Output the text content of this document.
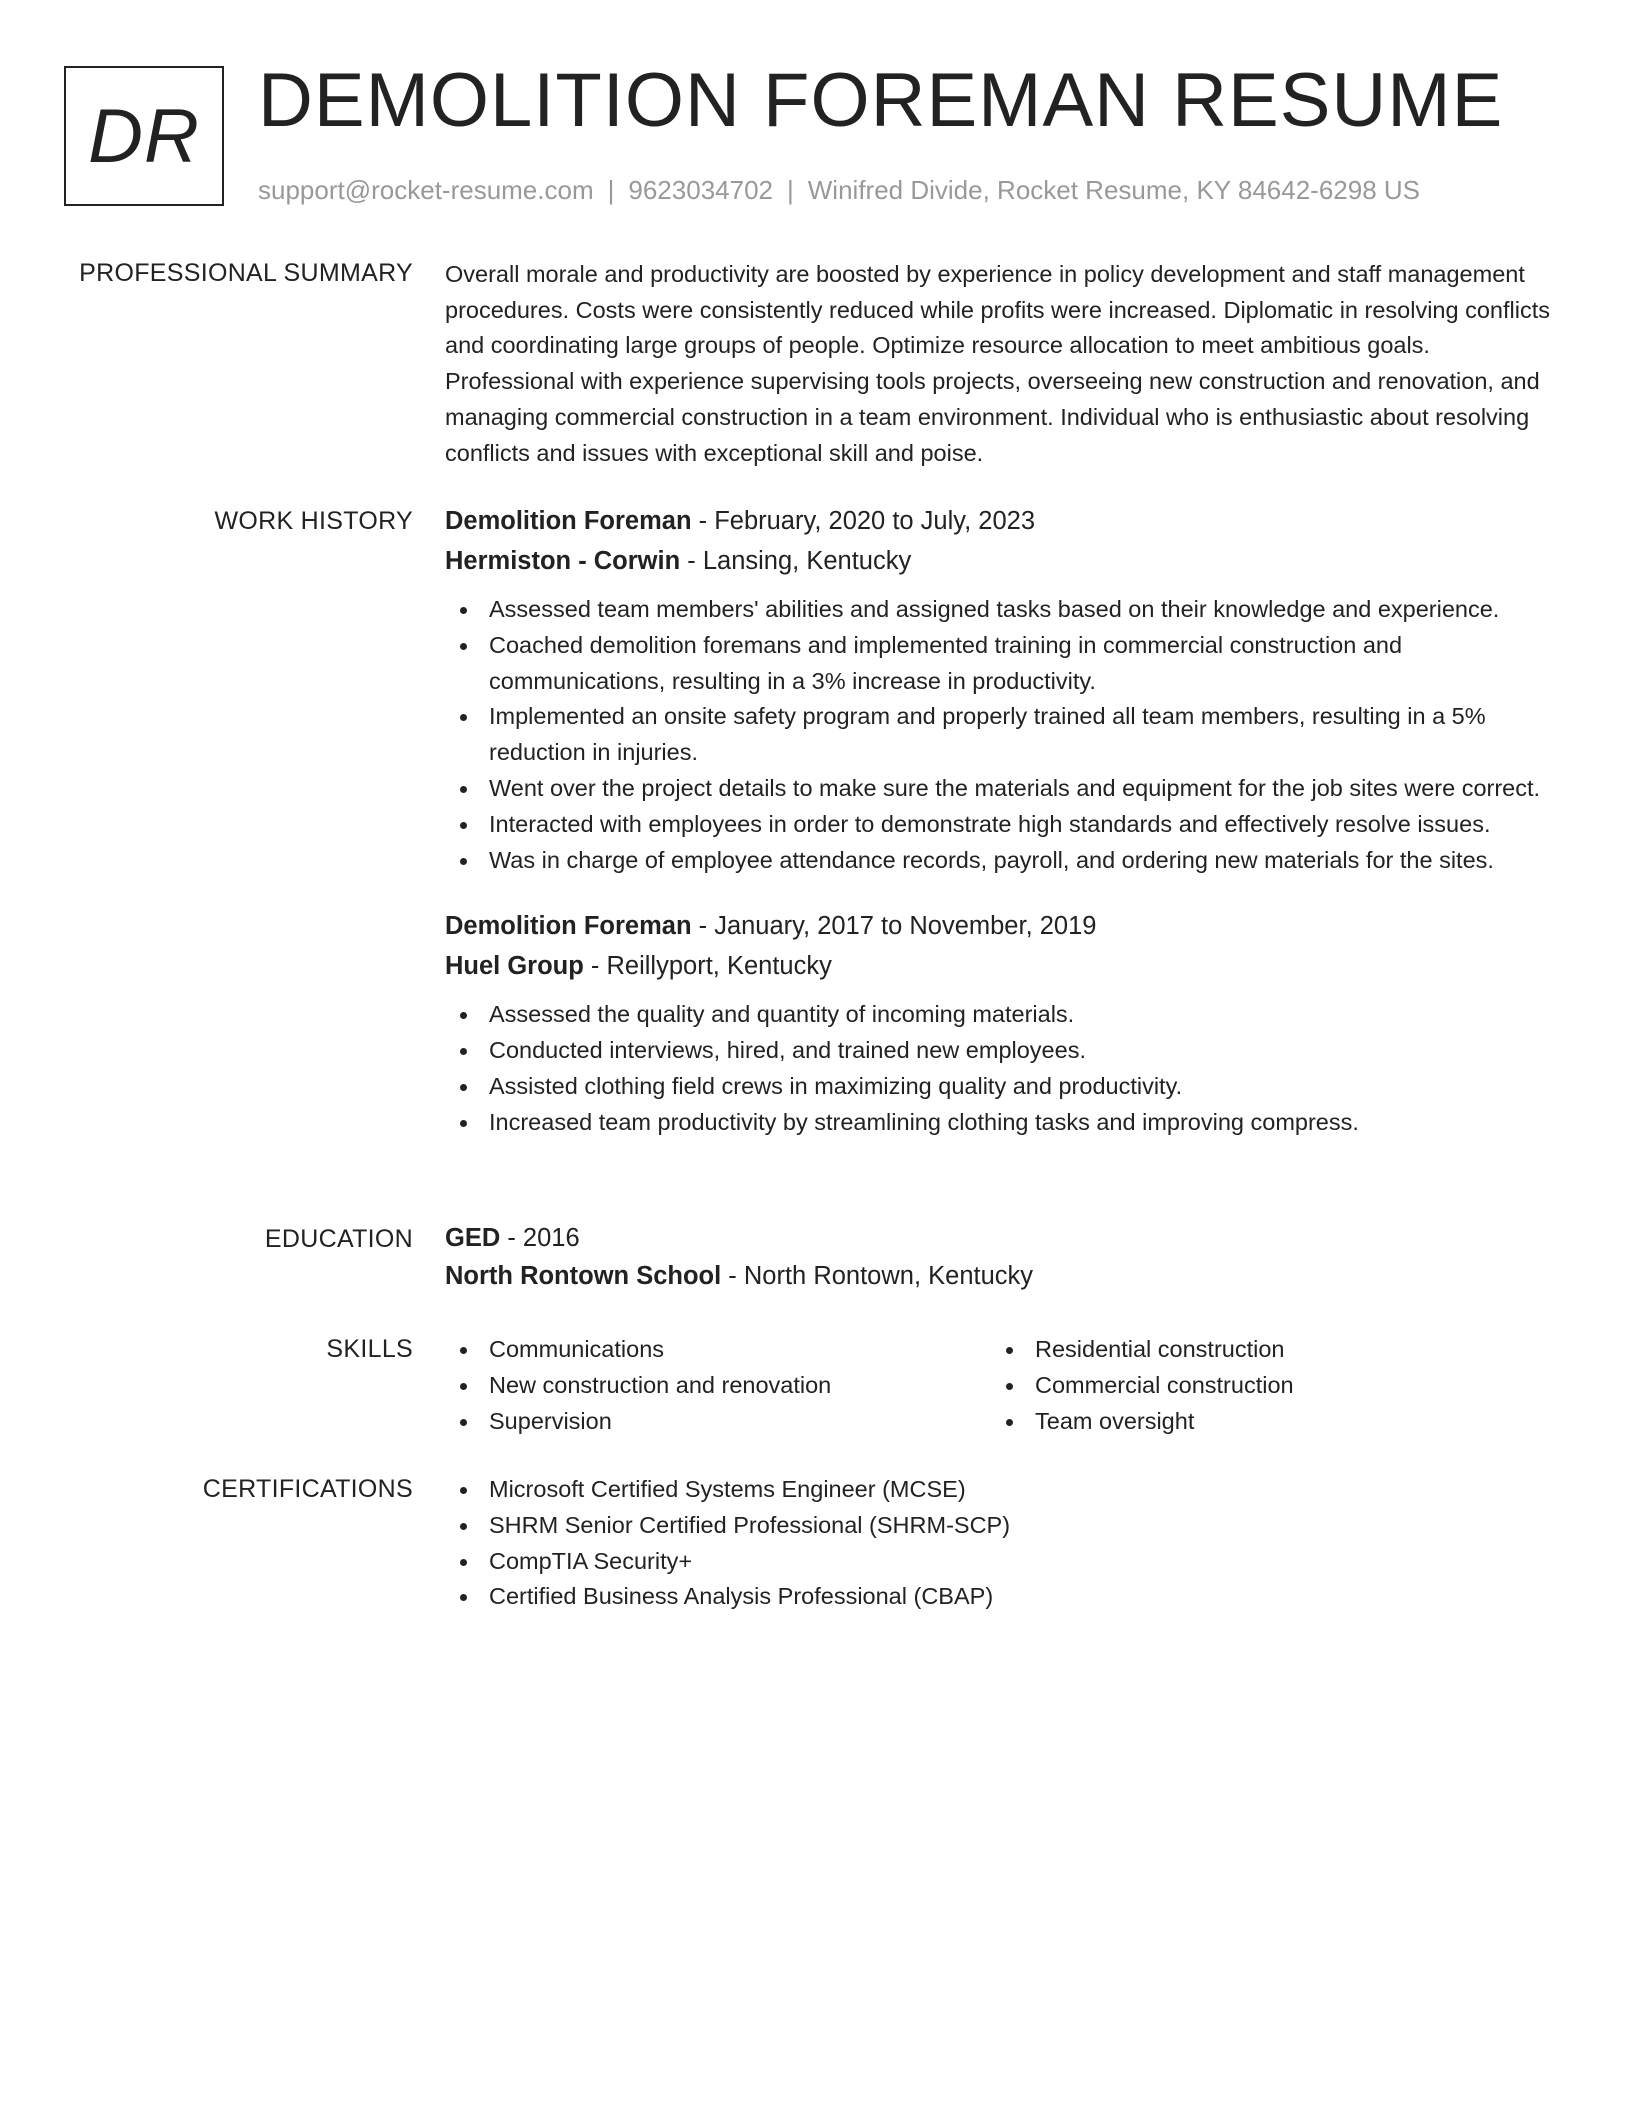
DR DEMOLITION FOREMAN RESUME
support@rocket-resume.com | 9623034702 | Winifred Divide, Rocket Resume, KY 84642-6298 US
PROFESSIONAL SUMMARY Overall morale and productivity are boosted by experience in policy development and staff management procedures. Costs were consistently reduced while profits were increased. Diplomatic in resolving conflicts and coordinating large groups of people. Optimize resource allocation to meet ambitious goals. Professional with experience supervising tools projects, overseeing new construction and renovation, and managing commercial construction in a team environment. Individual who is enthusiastic about resolving conflicts and issues with exceptional skill and poise.

WORK HISTORY Demolition Foreman - February, 2020 to July, 2023
Hermiston - Corwin - Lansing, Kentucky
Assessed team members' abilities and assigned tasks based on their knowledge and experience.
Coached demolition foremans and implemented training in commercial construction and communications, resulting in a 3% increase in productivity.
Implemented an onsite safety program and properly trained all team members, resulting in a 5% reduction in injuries.
Went over the project details to make sure the materials and equipment for the job sites were correct.
Interacted with employees in order to demonstrate high standards and effectively resolve issues.
Was in charge of employee attendance records, payroll, and ordering new materials for the sites.
Demolition Foreman - January, 2017 to November, 2019
Huel Group - Reillyport, Kentucky
Assessed the quality and quantity of incoming materials.
Conducted interviews, hired, and trained new employees.
Assisted clothing field crews in maximizing quality and productivity.
Increased team productivity by streamlining clothing tasks and improving compress.
EDUCATION GED - 2016
North Rontown School - North Rontown, Kentucky
SKILLS	Communications
New construction and renovation
Supervision
Residential construction
Commercial construction
Team oversight
CERTIFICATIONS	Microsoft Certified Systems Engineer (MCSE)
SHRM Senior Certified Professional (SHRM-SCP)
CompTIA Security+
Certified Business Analysis Professional (CBAP)
